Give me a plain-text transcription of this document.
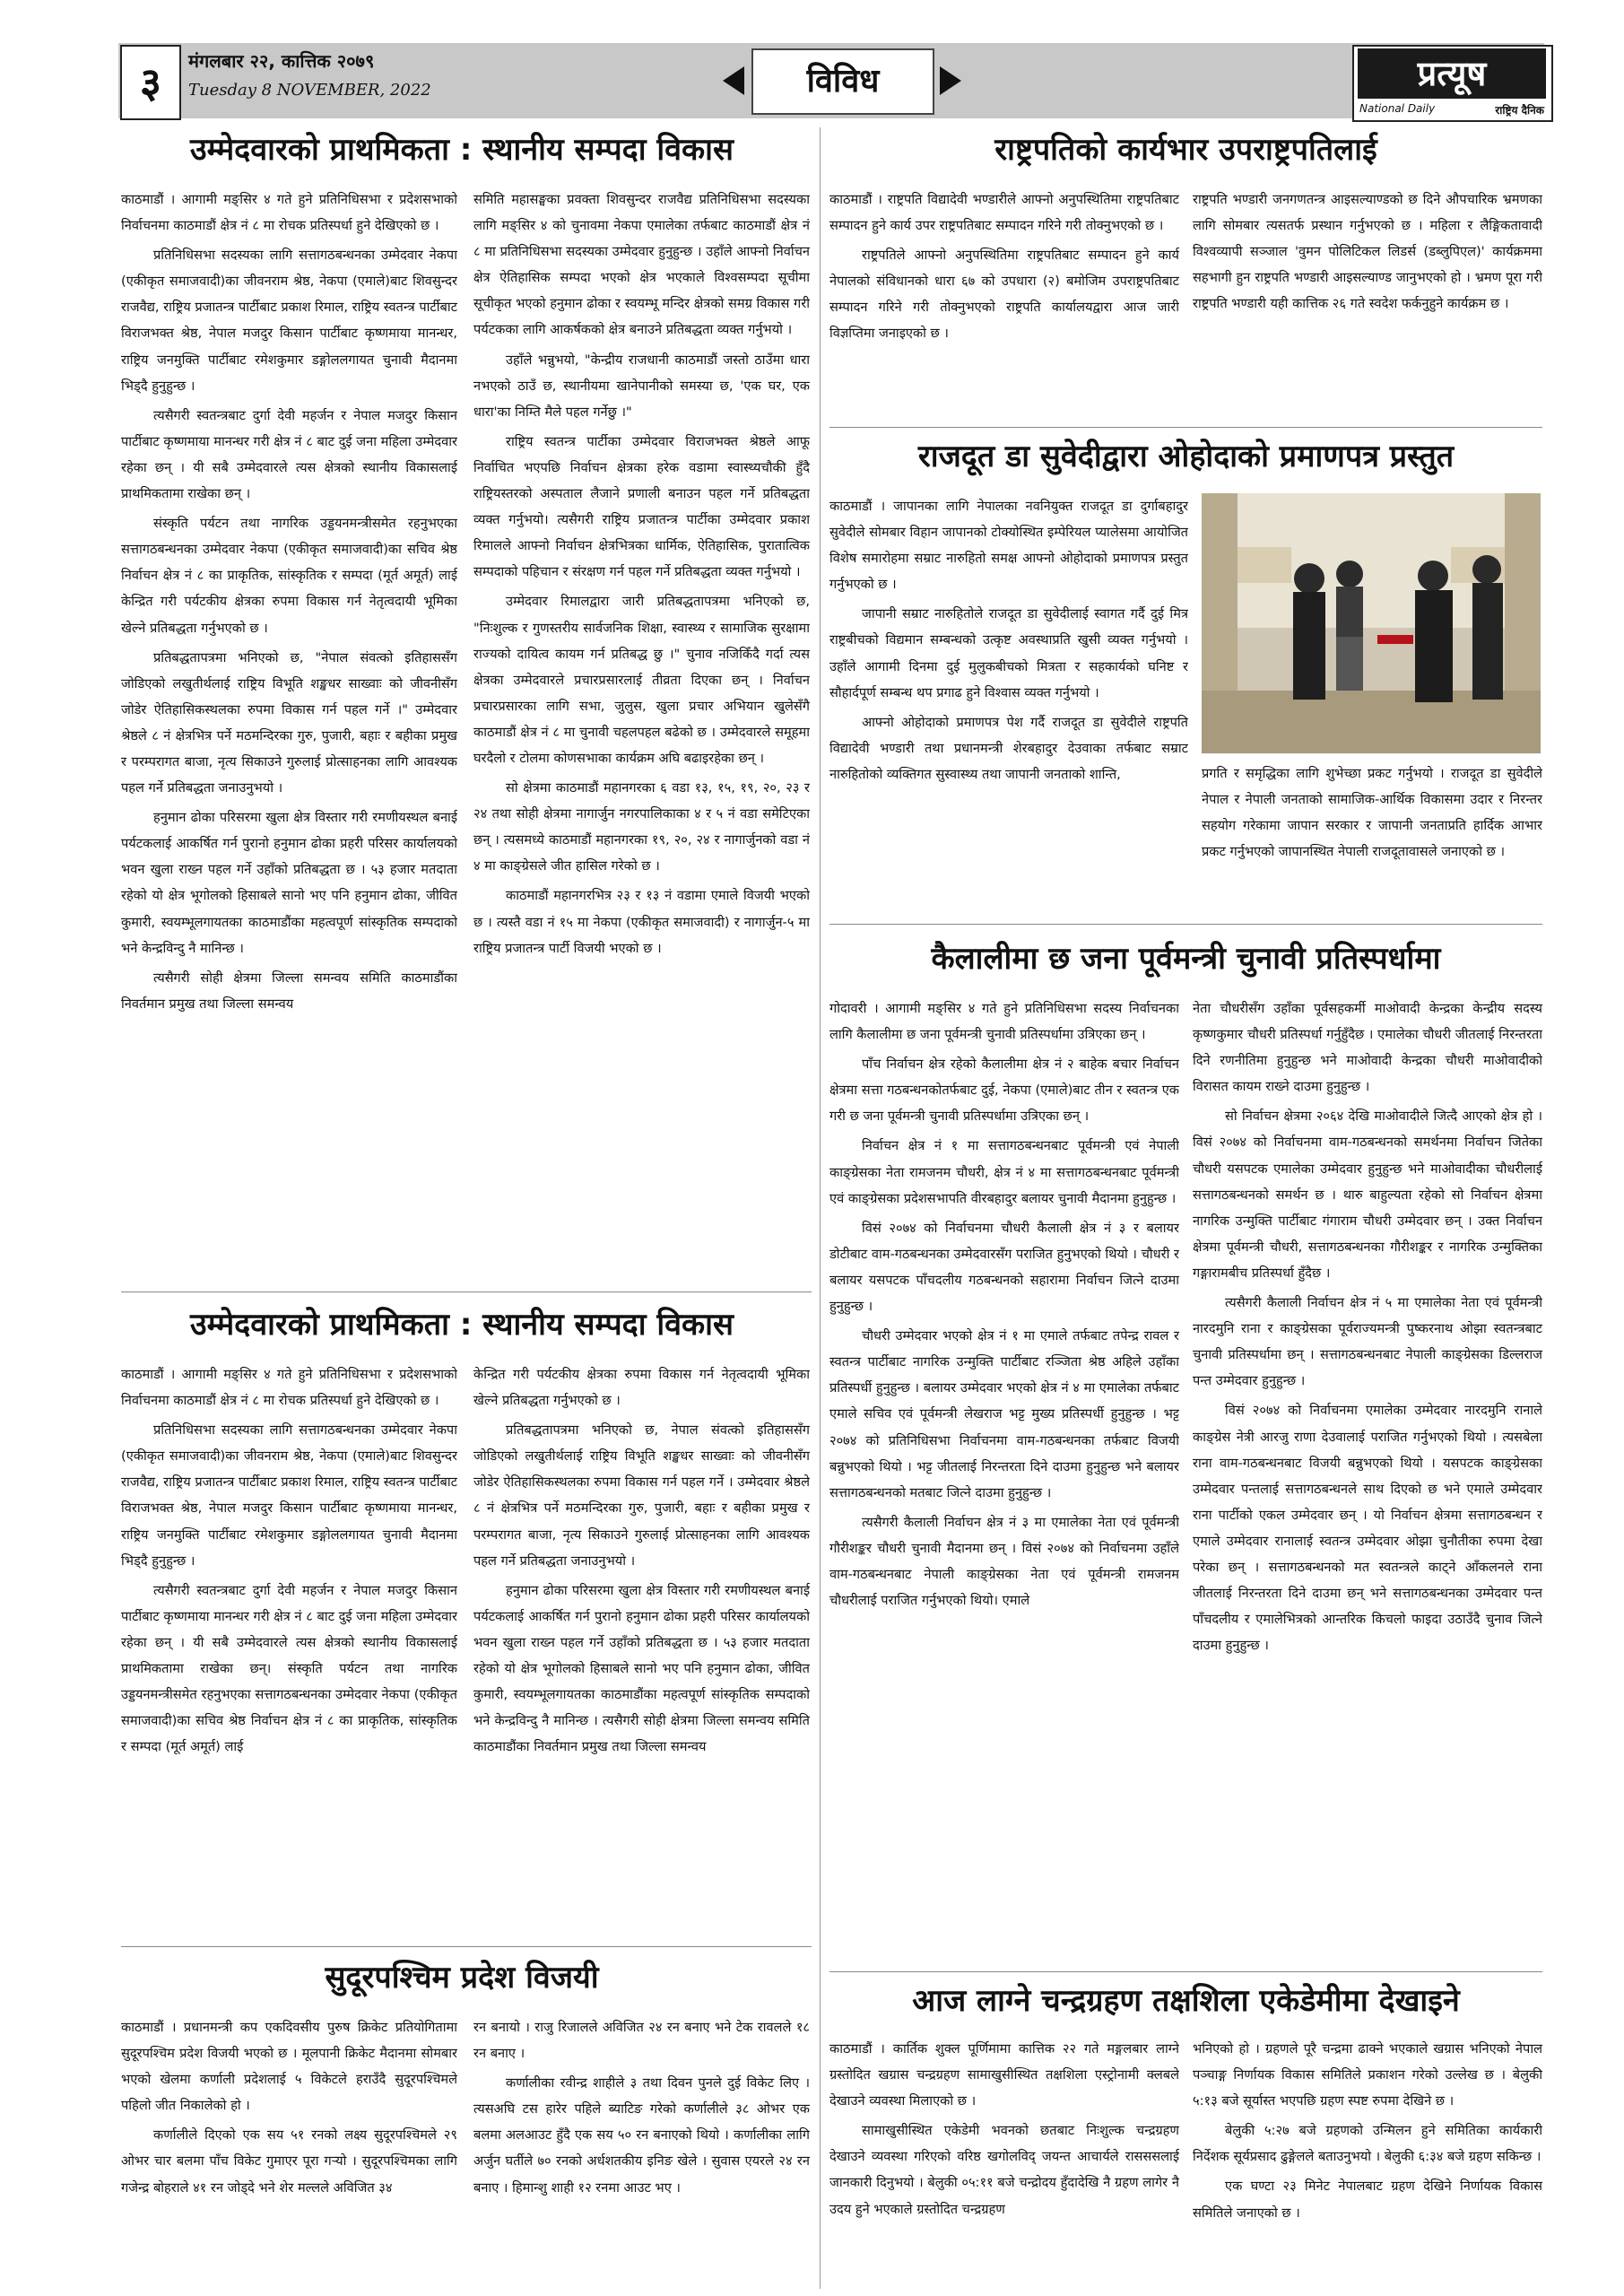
३	मंगलबार २२, कात्तिक २०७९
Tuesday 8 NOVEMBER, 2022	विविध	प्रत्यूष
National Daily	राष्ट्रिय दैनिक
उम्मेदवारको प्राथमिकता : स्थानीय सम्पदा विकास

काठमाडौं । आगामी मङ्सिर ४ गते हुने प्रतिनिधिसभा र प्रदेशसभाको निर्वाचनमा काठमाडौं क्षेत्र नं ८ मा रोचक प्रतिस्पर्धा हुने देखिएको छ ।

प्रतिनिधिसभा सदस्यका लागि सत्तागठबन्धनका उम्मेदवार नेकपा (एकीकृत समाजवादी)का जीवनराम श्रेष्ठ, नेकपा (एमाले)बाट शिवसुन्दर राजवैद्य, राष्ट्रिय प्रजातन्त्र पार्टीबाट प्रकाश रिमाल, राष्ट्रिय स्वतन्त्र पार्टीबाट विराजभक्त श्रेष्ठ, नेपाल मजदुर किसान पार्टीबाट कृष्णमाया मानन्धर, राष्ट्रिय जनमुक्ति पार्टीबाट रमेशकुमार डङ्गोललगायत चुनावी मैदानमा भिड्दै हुनुहुन्छ ।

त्यसैगरी स्वतन्त्रबाट दुर्गा देवी महर्जन र नेपाल मजदुर किसान पार्टीबाट कृष्णमाया मानन्धर गरी क्षेत्र नं ८ बाट दुई जना महिला उम्मेदवार रहेका छन् । यी सबै उम्मेदवारले त्यस क्षेत्रको स्थानीय विकासलाई प्राथमिकतामा राखेका छन् ।

संस्कृति पर्यटन तथा नागरिक उड्डयनमन्त्रीसमेत रहनुभएका सत्तागठबन्धनका उम्मेदवार नेकपा (एकीकृत समाजवादी)का सचिव श्रेष्ठ निर्वाचन क्षेत्र नं ८ का प्राकृतिक, सांस्कृतिक र सम्पदा (मूर्त अमूर्त) लाई केन्द्रित गरी पर्यटकीय क्षेत्रका रुपमा विकास गर्न नेतृत्वदायी भूमिका खेल्ने प्रतिबद्धता गर्नुभएको छ ।

प्रतिबद्धतापत्रमा भनिएको छ, "नेपाल संवत्को इतिहाससँग जोडिएको लखुतीर्थलाई राष्ट्रिय विभूति शङ्खधर साख्वाः को जीवनीसँग जोडेर ऐतिहासिकस्थलका रुपमा विकास गर्न पहल गर्ने ।" उम्मेदवार श्रेष्ठले ८ नं क्षेत्रभित्र पर्ने मठमन्दिरका गुरु, पुजारी, बहाः र बहीका प्रमुख र परम्परागत बाजा, नृत्य सिकाउने गुरुलाई प्रोत्साहनका लागि आवश्यक पहल गर्ने प्रतिबद्धता जनाउनुभयो ।

हनुमान ढोका परिसरमा खुला क्षेत्र विस्तार गरी रमणीयस्थल बनाई पर्यटकलाई आकर्षित गर्न पुरानो हनुमान ढोका प्रहरी परिसर कार्यालयको भवन खुला राख्न पहल गर्ने उहाँको प्रतिबद्धता छ । ५३ हजार मतदाता रहेको यो क्षेत्र भूगोलको हिसाबले सानो भए पनि हनुमान ढोका, जीवित कुमारी, स्वयम्भूलगायतका काठमाडौंका महत्वपूर्ण सांस्कृतिक सम्पदाको भने केन्द्रविन्दु नै मानिन्छ ।

त्यसैगरी सोही क्षेत्रमा जिल्ला समन्वय समिति काठमाडौंका निवर्तमान प्रमुख तथा जिल्ला समन्वय

समिति महासङ्घका प्रवक्ता शिवसुन्दर राजवैद्य प्रतिनिधिसभा सदस्यका लागि मङ्सिर ४ को चुनावमा नेकपा एमालेका तर्फबाट काठमाडौं क्षेत्र नं ८ मा प्रतिनिधिसभा सदस्यका उम्मेदवार हुनुहुन्छ । उहाँले आफ्नो निर्वाचन क्षेत्र ऐतिहासिक सम्पदा भएको क्षेत्र भएकाले विश्वसम्पदा सूचीमा सूचीकृत भएको हनुमान ढोका र स्वयम्भू मन्दिर क्षेत्रको समग्र विकास गरी पर्यटकका लागि आकर्षकको क्षेत्र बनाउने प्रतिबद्धता व्यक्त गर्नुभयो ।

उहाँले भन्नुभयो, "केन्द्रीय राजधानी काठमाडौं जस्तो ठाउँमा धारा नभएको ठाउँ छ, स्थानीयमा खानेपानीको समस्या छ, 'एक घर, एक धारा'का निम्ति मैले पहल गर्नेछु ।"

राष्ट्रिय स्वतन्त्र पार्टीका उम्मेदवार विराजभक्त श्रेष्ठले आफू निर्वाचित भएपछि निर्वाचन क्षेत्रका हरेक वडामा स्वास्थ्यचौकी हुँदै राष्ट्रियस्तरको अस्पताल लैजाने प्रणाली बनाउन पहल गर्ने प्रतिबद्धता व्यक्त गर्नुभयो। त्यसैगरी राष्ट्रिय प्रजातन्त्र पार्टीका उम्मेदवार प्रकाश रिमालले आफ्नो निर्वाचन क्षेत्रभित्रका धार्मिक, ऐतिहासिक, पुरातात्विक सम्पदाको पहिचान र संरक्षण गर्न पहल गर्ने प्रतिबद्धता व्यक्त गर्नुभयो ।

उम्मेदवार रिमालद्वारा जारी प्रतिबद्धतापत्रमा भनिएको छ, "निःशुल्क र गुणस्तरीय सार्वजनिक शिक्षा, स्वास्थ्य र सामाजिक सुरक्षामा राज्यको दायित्व कायम गर्न प्रतिबद्ध छु ।" चुनाव नजिकिँदै गर्दा त्यस क्षेत्रका उम्मेदवारले प्रचारप्रसारलाई तीव्रता दिएका छन् । निर्वाचन प्रचारप्रसारका लागि सभा, जुलुस, खुला प्रचार अभियान खुलेसँगै काठमाडौं क्षेत्र नं ८ मा चुनावी चहलपहल बढेको छ । उम्मेदवारले समूहमा घरदैलो र टोलमा कोणसभाका कार्यक्रम अघि बढाइरहेका छन् ।

सो क्षेत्रमा काठमाडौं महानगरका ६ वडा १३, १५, १९, २०, २३ र २४ तथा सोही क्षेत्रमा नागार्जुन नगरपालिकाका ४ र ५ नं वडा समेटिएका छन् । त्यसमध्ये काठमाडौं महानगरका १९, २०, २४ र नागार्जुनको वडा नं ४ मा काङ्ग्रेसले जीत हासिल गरेको छ ।

काठमाडौं महानगरभित्र २३ र १३ नं वडामा एमाले विजयी भएको छ । त्यस्तै वडा नं १५ मा नेकपा (एकीकृत समाजवादी) र नागार्जुन-५ मा राष्ट्रिय प्रजातन्त्र पार्टी विजयी भएको छ ।

राष्ट्रपतिको कार्यभार उपराष्ट्रपतिलाई

काठमाडौं । राष्ट्रपति विद्यादेवी भण्डारीले आफ्नो अनुपस्थितिमा राष्ट्रपतिबाट सम्पादन हुने कार्य उपर राष्ट्रपतिबाट सम्पादन गरिने गरी तोक्नुभएको छ ।

राष्ट्रपतिले आफ्नो अनुपस्थितिमा राष्ट्रपतिबाट सम्पादन हुने कार्य नेपालको संविधानको धारा ६७ को उपधारा (२) बमोजिम उपराष्ट्रपतिबाट सम्पादन गरिने गरी तोक्नुभएको राष्ट्रपति कार्यालयद्वारा आज जारी विज्ञप्तिमा जनाइएको छ ।

राष्ट्रपति भण्डारी जनगणतन्त्र आइसल्याण्डको छ दिने औपचारिक भ्रमणका लागि सोमबार त्यसतर्फ प्रस्थान गर्नुभएको छ । महिला र लैङ्गिकतावादी विश्वव्यापी सञ्जाल 'वुमन पोलिटिकल लिडर्स (डब्लुपिएल)' कार्यक्रममा सहभागी हुन राष्ट्रपति भण्डारी आइसल्याण्ड जानुभएको हो । भ्रमण पूरा गरी राष्ट्रपति भण्डारी यही कात्तिक २६ गते स्वदेश फर्कनुहुने कार्यक्रम छ ।

राजदूत डा सुवेदीद्वारा ओहोदाको प्रमाणपत्र प्रस्तुत

काठमाडौं । जापानका लागि नेपालका नवनियुक्त राजदूत डा दुर्गाबहादुर सुवेदीले सोमबार विहान जापानको टोक्योस्थित इम्पेरियल प्यालेसमा आयोजित विशेष समारोहमा सम्राट नारुहितो समक्ष आफ्नो ओहोदाको प्रमाणपत्र प्रस्तुत गर्नुभएको छ ।

जापानी सम्राट नारुहितोले राजदूत डा सुवेदीलाई स्वागत गर्दै दुई मित्र राष्ट्रबीचको विद्यमान सम्बन्धको उत्कृष्ट अवस्थाप्रति खुसी व्यक्त गर्नुभयो । उहाँले आगामी दिनमा दुई मुलुकबीचको मित्रता र सहकार्यको घनिष्ट र सौहार्दपूर्ण सम्बन्ध थप प्रगाढ हुने विश्वास व्यक्त गर्नुभयो ।

आफ्नो ओहोदाको प्रमाणपत्र पेश गर्दै राजदूत डा सुवेदीले राष्ट्रपति विद्यादेवी भण्डारी तथा प्रधानमन्त्री शेरबहादुर देउवाका तर्फबाट सम्राट नारुहितोको व्यक्तिगत सुस्वास्थ्य तथा जापानी जनताको शान्ति,	प्रगति र समृद्धिका लागि शुभेच्छा प्रकट गर्नुभयो । राजदूत डा सुवेदीले नेपाल र नेपाली जनताको सामाजिक-आर्थिक विकासमा उदार र निरन्तर सहयोग गरेकामा जापान सरकार र जापानी जनताप्रति हार्दिक आभार प्रकट गर्नुभएको जापानस्थित नेपाली राजदूतावासले जनाएको छ ।

कैलालीमा छ जना पूर्वमन्त्री चुनावी प्रतिस्पर्धामा

गोदावरी । आगामी मङ्सिर ४ गते हुने प्रतिनिधिसभा सदस्य निर्वाचनका लागि कैलालीमा छ जना पूर्वमन्त्री चुनावी प्रतिस्पर्धामा उत्रिएका छन् ।

पाँच निर्वाचन क्षेत्र रहेको कैलालीमा क्षेत्र नं २ बाहेक बचार निर्वाचन क्षेत्रमा सत्ता गठबन्धनकोतर्फबाट दुई, नेकपा (एमाले)बाट तीन र स्वतन्त्र एक गरी छ जना पूर्वमन्त्री चुनावी प्रतिस्पर्धामा उत्रिएका छन् ।

निर्वाचन क्षेत्र नं १ मा सत्तागठबन्धनबाट पूर्वमन्त्री एवं नेपाली काङ्ग्रेसका नेता रामजनम चौधरी, क्षेत्र नं ४ मा सत्तागठबन्धनबाट पूर्वमन्त्री एवं काङ्ग्रेसका प्रदेशसभापति वीरबहादुर बलायर चुनावी मैदानमा हुनुहुन्छ ।

विसं २०७४ को निर्वाचनमा चौधरी कैलाली क्षेत्र नं ३ र बलायर डोटीबाट वाम-गठबन्धनका उम्मेदवारसँग पराजित हुनुभएको थियो । चौधरी र बलायर यसपटक पाँचदलीय गठबन्धनको सहारामा निर्वाचन जित्ने दाउमा हुनुहुन्छ ।

चौधरी उम्मेदवार भएको क्षेत्र नं १ मा एमाले तर्फबाट तपेन्द्र रावल र स्वतन्त्र पार्टीबाट नागरिक उन्मुक्ति पार्टीबाट रञ्जिता श्रेष्ठ अहिले उहाँका प्रतिस्पर्धी हुनुहुन्छ । बलायर उम्मेदवार भएको क्षेत्र नं ४ मा एमालेका तर्फबाट एमाले सचिव एवं पूर्वमन्त्री लेखराज भट्ट मुख्य प्रतिस्पर्धी हुनुहुन्छ । भट्ट २०७४ को प्रतिनिधिसभा निर्वाचनमा वाम-गठबन्धनका तर्फबाट विजयी बन्नुभएको थियो । भट्ट जीतलाई निरन्तरता दिने दाउमा हुनुहुन्छ भने बलायर सत्तागठबन्धनको मतबाट जित्ने दाउमा हुनुहुन्छ ।

त्यसैगरी कैलाली निर्वाचन क्षेत्र नं ३ मा एमालेका नेता एवं पूर्वमन्त्री गौरीशङ्कर चौधरी चुनावी मैदानमा छन् । विसं २०७४ को निर्वाचनमा उहाँले वाम-गठबन्धनबाट नेपाली काङ्ग्रेसका नेता एवं पूर्वमन्त्री रामजनम चौधरीलाई पराजित गर्नुभएको थियो। एमाले

नेता चौधरीसँग उहाँका पूर्वसहकर्मी माओवादी केन्द्रका केन्द्रीय सदस्य कृष्णकुमार चौधरी प्रतिस्पर्धा गर्नुहुँदैछ । एमालेका चौधरी जीतलाई निरन्तरता दिने रणनीतिमा हुनुहुन्छ भने माओवादी केन्द्रका चौधरी माओवादीको विरासत कायम राख्ने दाउमा हुनुहुन्छ ।

सो निर्वाचन क्षेत्रमा २०६४ देखि माओवादीले जित्दै आएको क्षेत्र हो । विसं २०७४ को निर्वाचनमा वाम-गठबन्धनको समर्थनमा निर्वाचन जितेका चौधरी यसपटक एमालेका उम्मेदवार हुनुहुन्छ भने माओवादीका चौधरीलाई सत्तागठबन्धनको समर्थन छ । थारु बाहुल्यता रहेको सो निर्वाचन क्षेत्रमा नागरिक उन्मुक्ति पार्टीबाट गंगाराम चौधरी उम्मेदवार छन् । उक्त निर्वाचन क्षेत्रमा पूर्वमन्त्री चौधरी, सत्तागठबन्धनका गौरीशङ्कर र नागरिक उन्मुक्तिका गङ्गारामबीच प्रतिस्पर्धा हुँदैछ ।

त्यसैगरी कैलाली निर्वाचन क्षेत्र नं ५ मा एमालेका नेता एवं पूर्वमन्त्री नारदमुनि राना र काङ्ग्रेसका पूर्वराज्यमन्त्री पुष्करनाथ ओझा स्वतन्त्रबाट चुनावी प्रतिस्पर्धामा छन् । सत्तागठबन्धनबाट नेपाली काङ्ग्रेसका डिल्लराज पन्त उम्मेदवार हुनुहुन्छ ।

विसं २०७४ को निर्वाचनमा एमालेका उम्मेदवार नारदमुनि रानाले काङ्ग्रेस नेत्री आरजु राणा देउवालाई पराजित गर्नुभएको थियो । त्यसबेला राना वाम-गठबन्धनबाट विजयी बन्नुभएको थियो । यसपटक काङ्ग्रेसका उम्मेदवार पन्तलाई सत्तागठबन्धनले साथ दिएको छ भने एमाले उम्मेदवार राना पार्टीको एकल उम्मेदवार छन् । यो निर्वाचन क्षेत्रमा सत्तागठबन्धन र एमाले उम्मेदवार रानालाई स्वतन्त्र उम्मेदवार ओझा चुनौतीका रुपमा देखा परेका छन् । सत्तागठबन्धनको मत स्वतन्त्रले काट्ने आँकलनले राना जीतलाई निरन्तरता दिने दाउमा छन् भने सत्तागठबन्धनका उम्मेदवार पन्त पाँचदलीय र एमालेभित्रको आन्तरिक किचलो फाइदा उठाउँदै चुनाव जित्ने दाउमा हुनुहुन्छ ।

उम्मेदवारको प्राथमिकता : स्थानीय सम्पदा विकास

काठमाडौं । आगामी मङ्सिर ४ गते हुने प्रतिनिधिसभा र प्रदेशसभाको निर्वाचनमा काठमाडौं क्षेत्र नं ८ मा रोचक प्रतिस्पर्धा हुने देखिएको छ ।

प्रतिनिधिसभा सदस्यका लागि सत्तागठबन्धनका उम्मेदवार नेकपा (एकीकृत समाजवादी)का जीवनराम श्रेष्ठ, नेकपा (एमाले)बाट शिवसुन्दर राजवैद्य, राष्ट्रिय प्रजातन्त्र पार्टीबाट प्रकाश रिमाल, राष्ट्रिय स्वतन्त्र पार्टीबाट विराजभक्त श्रेष्ठ, नेपाल मजदुर किसान पार्टीबाट कृष्णमाया मानन्धर, राष्ट्रिय जनमुक्ति पार्टीबाट रमेशकुमार डङ्गोललगायत चुनावी मैदानमा भिड्दै हुनुहुन्छ ।

त्यसैगरी स्वतन्त्रबाट दुर्गा देवी महर्जन र नेपाल मजदुर किसान पार्टीबाट कृष्णमाया मानन्धर गरी क्षेत्र नं ८ बाट दुई जना महिला उम्मेदवार रहेका छन् । यी सबै उम्मेदवारले त्यस क्षेत्रको स्थानीय विकासलाई प्राथमिकतामा राखेका छन्। संस्कृति पर्यटन तथा नागरिक उड्डयनमन्त्रीसमेत रहनुभएका सत्तागठबन्धनका उम्मेदवार नेकपा (एकीकृत समाजवादी)का सचिव श्रेष्ठ निर्वाचन क्षेत्र नं ८ का प्राकृतिक, सांस्कृतिक र सम्पदा (मूर्त अमूर्त) लाई

केन्द्रित गरी पर्यटकीय क्षेत्रका रुपमा विकास गर्न नेतृत्वदायी भूमिका खेल्ने प्रतिबद्धता गर्नुभएको छ ।

प्रतिबद्धतापत्रमा भनिएको छ, नेपाल संवत्को इतिहाससँग जोडिएको लखुतीर्थलाई राष्ट्रिय विभूति शङ्खधर साख्वाः को जीवनीसँग जोडेर ऐतिहासिकस्थलका रुपमा विकास गर्न पहल गर्ने । उम्मेदवार श्रेष्ठले ८ नं क्षेत्रभित्र पर्ने मठमन्दिरका गुरु, पुजारी, बहाः र बहीका प्रमुख र परम्परागत बाजा, नृत्य सिकाउने गुरुलाई प्रोत्साहनका लागि आवश्यक पहल गर्ने प्रतिबद्धता जनाउनुभयो ।

हनुमान ढोका परिसरमा खुला क्षेत्र विस्तार गरी रमणीयस्थल बनाई पर्यटकलाई आकर्षित गर्न पुरानो हनुमान ढोका प्रहरी परिसर कार्यालयको भवन खुला राख्न पहल गर्ने उहाँको प्रतिबद्धता छ । ५३ हजार मतदाता रहेको यो क्षेत्र भूगोलको हिसाबले सानो भए पनि हनुमान ढोका, जीवित कुमारी, स्वयम्भूलगायतका काठमाडौंका महत्वपूर्ण सांस्कृतिक सम्पदाको भने केन्द्रविन्दु नै मानिन्छ । त्यसैगरी सोही क्षेत्रमा जिल्ला समन्वय समिति काठमाडौंका निवर्तमान प्रमुख तथा जिल्ला समन्वय

सुदूरपश्चिम प्रदेश विजयी

काठमाडौं । प्रधानमन्त्री कप एकदिवसीय पुरुष क्रिकेट प्रतियोगितामा सुदूरपश्चिम प्रदेश विजयी भएको छ । मूलपानी क्रिकेट मैदानमा सोमबार भएको खेलमा कर्णाली प्रदेशलाई ५ विकेटले हराउँदै सुदूरपश्चिमले पहिलो जीत निकालेको हो ।

कर्णालीले दिएको एक सय ५१ रनको लक्ष्य सुदूरपश्चिमले २९ ओभर चार बलमा पाँच विकेट गुमाएर पूरा गऱ्यो । सुदूरपश्चिमका लागि गजेन्द्र बोहराले ४१ रन जोड्दे भने शेर मल्लले अविजित ३४

रन बनायो । राजु रिजालले अविजित २४ रन बनाए भने टेक रावलले १८ रन बनाए ।

कर्णालीका रवीन्द्र शाहीले ३ तथा दिवन पुनले दुई विकेट लिए । त्यसअघि टस हारेर पहिले ब्याटिङ गरेको कर्णालीले ३८ ओभर एक बलमा अलआउट हुँदै एक सय ५० रन बनाएको थियो । कर्णालीका लागि अर्जुन घर्तीले ७० रनको अर्धशतकीय इनिङ खेले । सुवास एयरले २४ रन बनाए । हिमान्शु शाही १२ रनमा आउट भए ।

आज लाग्ने चन्द्रग्रहण तक्षशिला एकेडेमीमा देखाइने

काठमाडौं । कार्तिक शुक्ल पूर्णिमामा कात्तिक २२ गते मङ्गलबार लाग्ने ग्रस्तोदित खग्रास चन्द्रग्रहण सामाखुसीस्थित तक्षशिला एस्ट्रोनामी क्लबले देखाउने व्यवस्था मिलाएको छ ।

सामाखुसीस्थित एकेडेमी भवनको छतबाट निःशुल्क चन्द्रग्रहण देखाउने व्यवस्था गरिएको वरिष्ठ खगोलविद् जयन्त आचार्यले रासससलाई जानकारी दिनुभयो । बेलुकी ०५:११ बजे चन्द्रोदय हुँदादेखि नै ग्रहण लागेर नै उदय हुने भएकाले ग्रस्तोदित चन्द्रग्रहण

भनिएको हो । ग्रहणले पूरै चन्द्रमा ढाक्ने भएकाले खग्रास भनिएको नेपाल पञ्चाङ्ग निर्णायक विकास समितिले प्रकाशन गरेको उल्लेख छ । बेलुकी ५:१३ बजे सूर्यास्त भएपछि ग्रहण स्पष्ट रुपमा देखिने छ ।

बेलुकी ५:२७ बजे ग्रहणको उन्मिलन हुने समितिका कार्यकारी निर्देशक सूर्यप्रसाद ढुङ्गेलले बताउनुभयो । बेलुकी ६:३४ बजे ग्रहण सकिन्छ ।

एक घण्टा २३ मिनेट नेपालबाट ग्रहण देखिने निर्णायक विकास समितिले जनाएको छ ।
